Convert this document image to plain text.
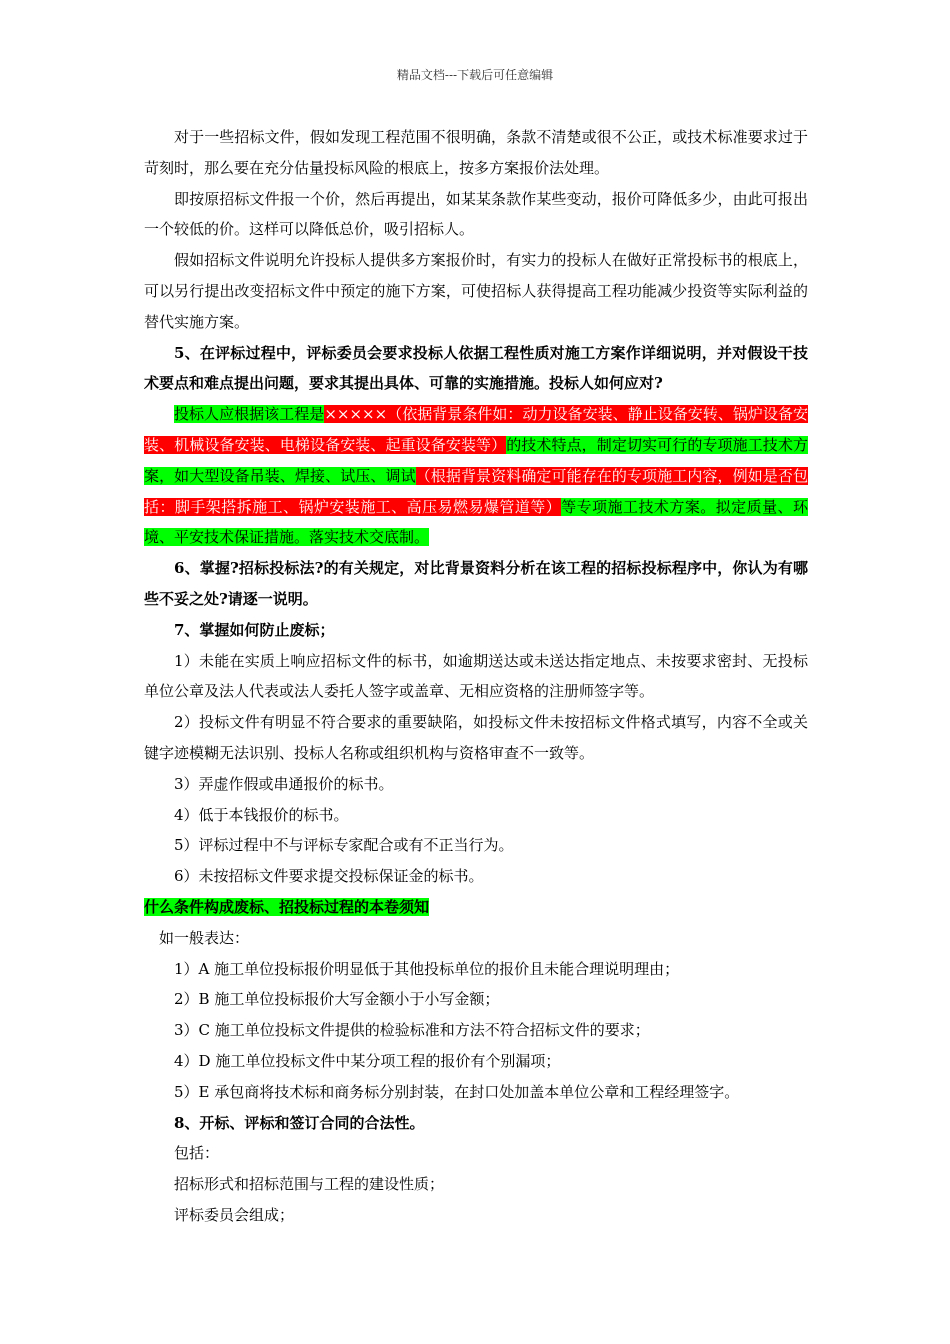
精品文档---下载后可任意编辑

对于一些招标文件，假如发现工程范围不很明确，条款不清楚或很不公正，或技术标准要求过于苛刻时，那么要在充分估量投标风险的根底上，按多方案报价法处理。

即按原招标文件报一个价，然后再提出，如某某条款作某些变动，报价可降低多少，由此可报出一个较低的价。这样可以降低总价，吸引招标人。

假如招标文件说明允许投标人提供多方案报价时，有实力的投标人在做好正常投标书的根底上，可以另行提出改变招标文件中预定的施下方案，可使招标人获得提高工程功能减少投资等实际利益的替代实施方案。

5、在评标过程中，评标委员会要求投标人依据工程性质对施工方案作详细说明，并对假设干技术要点和难点提出问题，要求其提出具体、可靠的实施措施。投标人如何应对?

投标人应根据该工程是×××××（依据背景条件如：动力设备安装、静止设备安转、锅炉设备安装、机械设备安装、电梯设备安装、起重设备安装等）的技术特点，制定切实可行的专项施工技术方案，如大型设备吊装、焊接、试压、调试（根据背景资料确定可能存在的专项施工内容，例如是否包括：脚手架搭拆施工、锅炉安装施工、高压易燃易爆管道等）等专项施工技术方案。拟定质量、环境、平安技术保证措施。落实技术交底制。

6、掌握?招标投标法?的有关规定，对比背景资料分析在该工程的招标投标程序中，你认为有哪些不妥之处?请逐一说明。

7、掌握如何防止废标；

1）未能在实质上响应招标文件的标书，如逾期送达或未送达指定地点、未按要求密封、无投标单位公章及法人代表或法人委托人签字或盖章、无相应资格的注册师签字等。

2）投标文件有明显不符合要求的重要缺陷，如投标文件未按招标文件格式填写，内容不全或关键字迹模糊无法识别、投标人名称或组织机构与资格审查不一致等。

3）弄虚作假或串通报价的标书。

4）低于本钱报价的标书。

5）评标过程中不与评标专家配合或有不正当行为。

6）未按招标文件要求提交投标保证金的标书。

什么条件构成废标、招投标过程的本卷须知

如一般表达：

1）A 施工单位投标报价明显低于其他投标单位的报价且未能合理说明理由；

2）B 施工单位投标报价大写金额小于小写金额；

3）C 施工单位投标文件提供的检验标准和方法不符合招标文件的要求；

4）D 施工单位投标文件中某分项工程的报价有个别漏项；

5）E 承包商将技术标和商务标分别封装，在封口处加盖本单位公章和工程经理签字。

8、开标、评标和签订合同的合法性。

包括：

招标形式和招标范围与工程的建设性质；

评标委员会组成；
